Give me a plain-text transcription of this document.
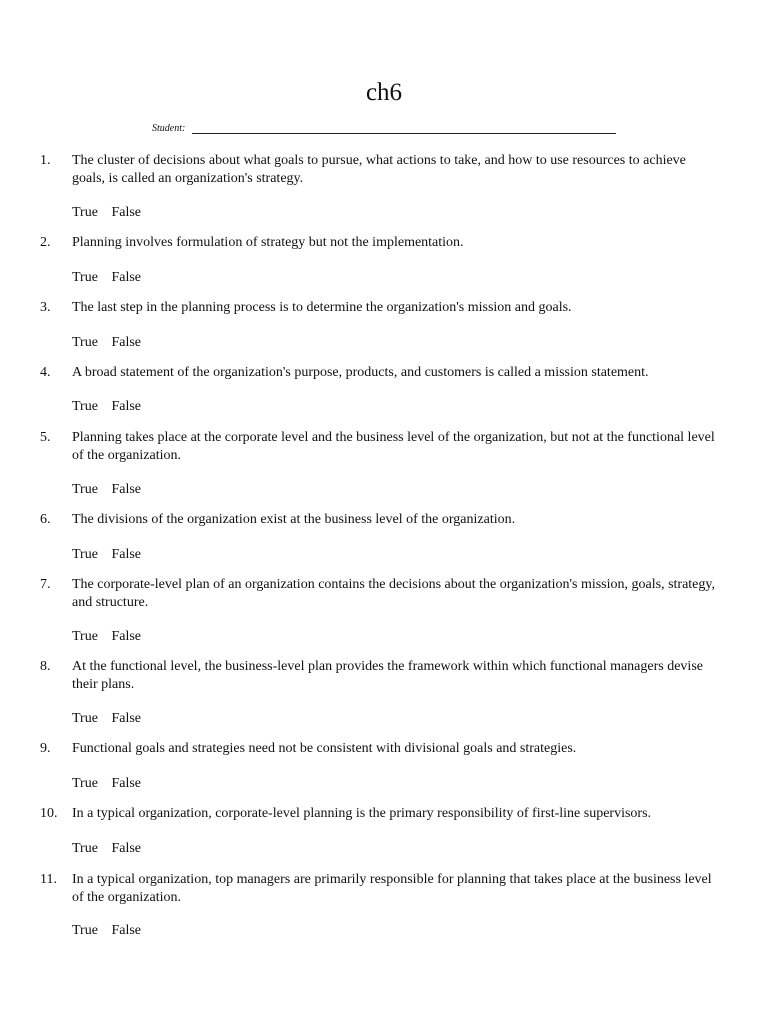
ch6
Student:
1.	The cluster of decisions about what goals to pursue, what actions to take, and how to use resources to achieve goals, is called an organization's strategy.
True False
2.	Planning involves formulation of strategy but not the implementation.
True False
3.	The last step in the planning process is to determine the organization's mission and goals.
True False
4.	A broad statement of the organization's purpose, products, and customers is called a mission statement.
True False
5.	Planning takes place at the corporate level and the business level of the organization, but not at the functional level of the organization.
True False
6.	The divisions of the organization exist at the business level of the organization.
True False
7.	The corporate-level plan of an organization contains the decisions about the organization's mission, goals, strategy, and structure.
True False
8.	At the functional level, the business-level plan provides the framework within which functional managers devise their plans.
True False
9.	Functional goals and strategies need not be consistent with divisional goals and strategies.
True False
10.	In a typical organization, corporate-level planning is the primary responsibility of first-line supervisors.
True False
11.	In a typical organization, top managers are primarily responsible for planning that takes place at the business level of the organization.
True False
